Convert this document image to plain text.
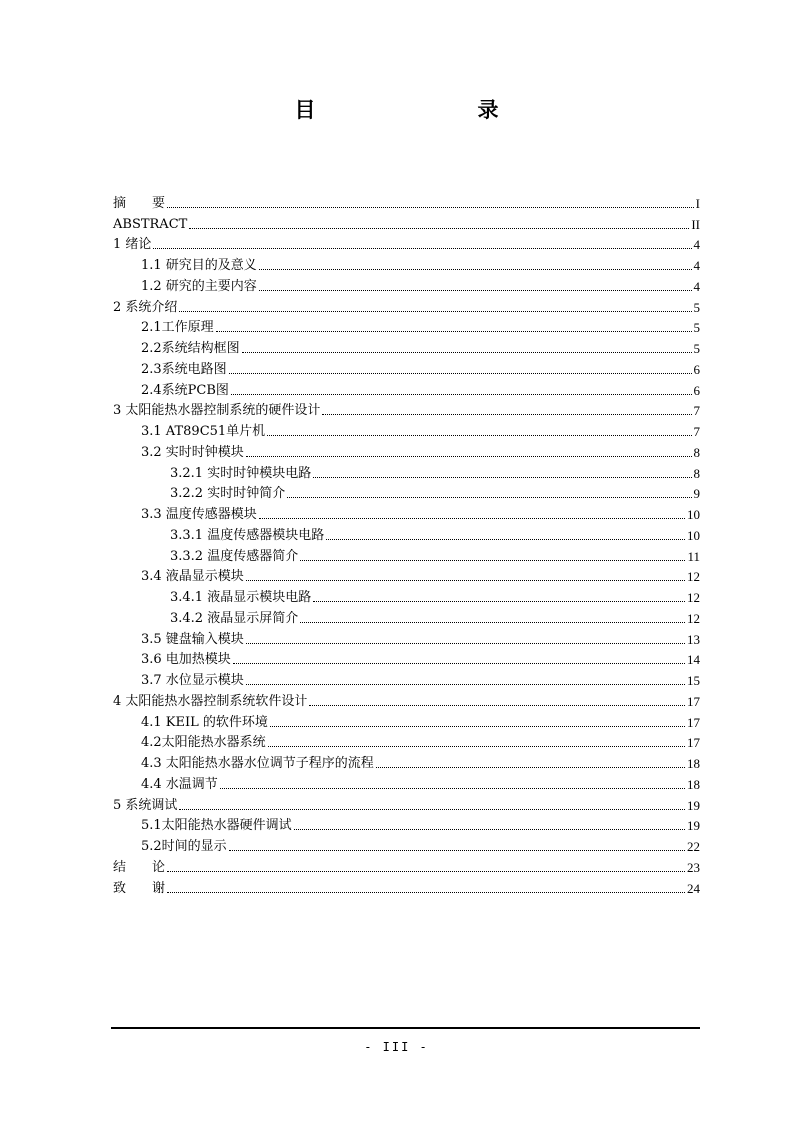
目　　录
摘　　要	I
ABSTRACT	II
1 绪论	4
1.1 研究目的及意义	4
1.2 研究的主要内容	4
2 系统介绍	5
2.1工作原理	5
2.2系统结构框图	5
2.3系统电路图	6
2.4系统PCB图	6
3 太阳能热水器控制系统的硬件设计	7
3.1 AT89C51单片机	7
3.2 实时时钟模块	8
3.2.1 实时时钟模块电路	8
3.2.2 实时时钟简介	9
3.3 温度传感器模块	10
3.3.1 温度传感器模块电路	10
3.3.2 温度传感器简介	11
3.4 液晶显示模块	12
3.4.1 液晶显示模块电路	12
3.4.2 液晶显示屏简介	12
3.5 键盘输入模块	13
3.6 电加热模块	14
3.7 水位显示模块	15
4 太阳能热水器控制系统软件设计	17
4.1 KEIL 的软件环境	17
4.2太阳能热水器系统	17
4.3 太阳能热水器水位调节子程序的流程	18
4.4 水温调节	18
5 系统调试	19
5.1太阳能热水器硬件调试	19
5.2时间的显示	22
结　　论	23
致　　谢	24
- III -
